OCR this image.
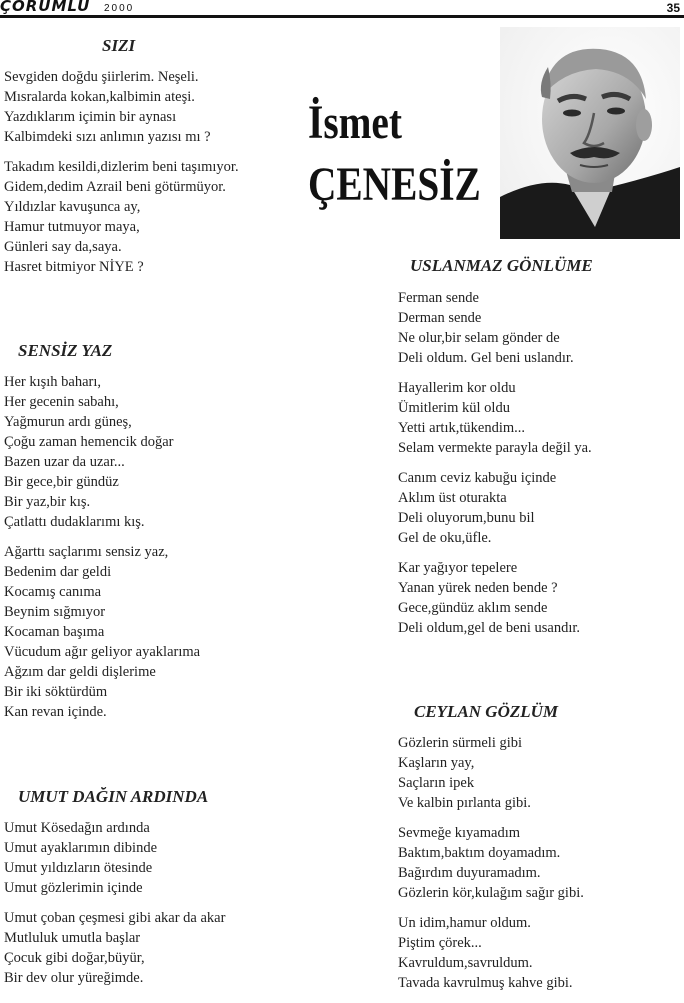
ÇORUMLU 2000	35
İsmet
ÇENESİZ
SIZI
Sevgiden doğdu şiirlerim. Neşeli.
Mısralarda kokan,kalbimin ateşi.
Yazdıklarım içimin bir aynası
Kalbimdeki sızı anlımın yazısı mı ?
Takadım kesildi,dizlerim beni taşımıyor.
Gidem,dedim Azrail beni götürmüyor.
Yıldızlar kavuşunca ay,
Hamur tutmuyor maya,
Günleri say da,saya.
Hasret bitmiyor NİYE ?
SENSİZ YAZ
Her kışıh baharı,
Her gecenin sabahı,
Yağmurun ardı güneş,
Çoğu zaman hemencik doğar
Bazen uzar da uzar...
Bir gece,bir gündüz
Bir yaz,bir kış.
Çatlattı dudaklarımı kış.
Ağarttı saçlarımı sensiz yaz,
Bedenim dar geldi
Kocamış canıma
Beynim sığmıyor
Kocaman başıma
Vücudum ağır geliyor ayaklarıma
Ağzım dar geldi dişlerime
Bir iki söktürdüm
Kan revan içinde.
UMUT DAĞIN ARDINDA
Umut Kösedağın ardında
Umut ayaklarımın dibinde
Umut yıldızların ötesinde
Umut gözlerimin içinde
Umut çoban çeşmesi gibi akar da akar
Mutluluk umutla başlar
Çocuk gibi doğar,büyür,
Bir dev olur yüreğimde.
USLANMAZ GÖNLÜME
Ferman sende
Derman sende
Ne olur,bir selam gönder de
Deli oldum. Gel beni uslandır.
Hayallerim kor oldu
Ümitlerim kül oldu
Yetti artık,tükendim...
Selam vermekte parayla değil ya.
Canım ceviz kabuğu içinde
Aklım üst oturakta
Deli oluyorum,bunu bil
Gel de oku,üfle.
Kar yağıyor tepelere
Yanan yürek neden bende ?
Gece,gündüz aklım sende
Deli oldum,gel de beni usandır.
CEYLAN GÖZLÜM
Gözlerin sürmeli gibi
Kaşların yay,
Saçların ipek
Ve kalbin pırlanta gibi.
Sevmeğe kıyamadım
Baktım,baktım doyamadım.
Bağırdım duyuramadım.
Gözlerin kör,kulağım sağır gibi.
Un idim,hamur oldum.
Piştim çörek...
Kavruldum,savruldum.
Tavada kavrulmuş kahve gibi.
